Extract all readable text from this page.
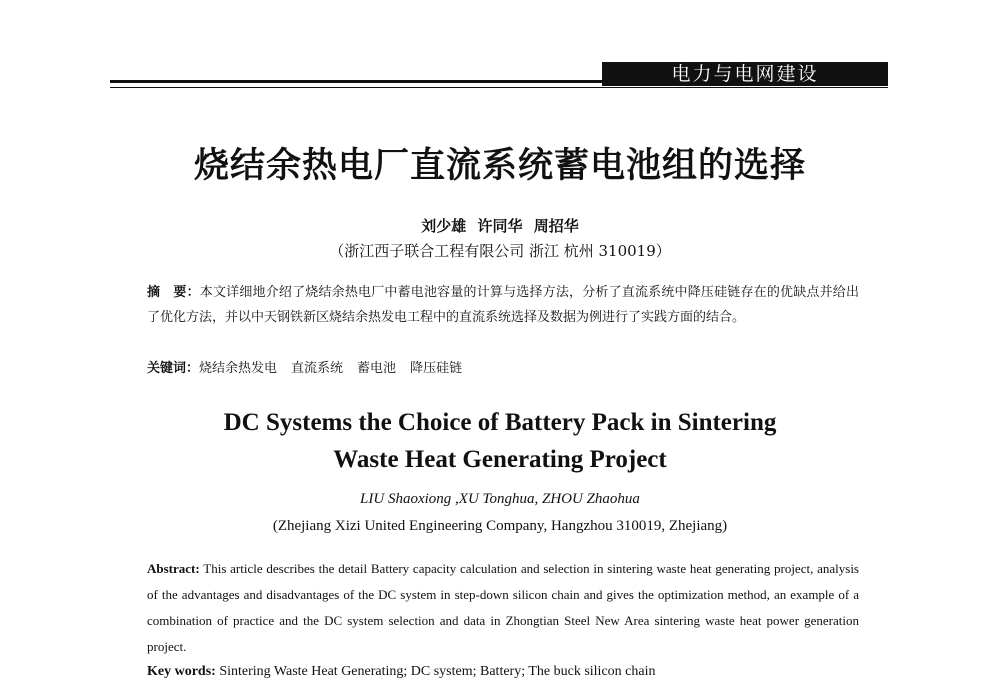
电力与电网建设
烧结余热电厂直流系统蓄电池组的选择
刘少雄 许同华 周招华
（浙江西子联合工程有限公司 浙江 杭州 310019）
摘　要：本文详细地介绍了烧结余热电厂中蓄电池容量的计算与选择方法，分析了直流系统中降压硅链存在的优缺点并给出了优化方法，并以中天钢铁新区烧结余热发电工程中的直流系统选择及数据为例进行了实践方面的结合。
关键词：烧结余热发电 直流系统 蓄电池 降压硅链
DC Systems the Choice of Battery Pack in Sintering
Waste Heat Generating Project
LIU Shaoxiong ,XU Tonghua, ZHOU Zhaohua
(Zhejiang Xizi United Engineering Company, Hangzhou 310019, Zhejiang)
Abstract: This article describes the detail Battery capacity calculation and selection in sintering waste heat generating project, analysis of the advantages and disadvantages of the DC system in step-down silicon chain and gives the optimization method, an example of a combination of practice and the DC system selection and data in Zhongtian Steel New Area sintering waste heat power generation project.
Key words: Sintering Waste Heat Generating; DC system; Battery; The buck silicon chain
